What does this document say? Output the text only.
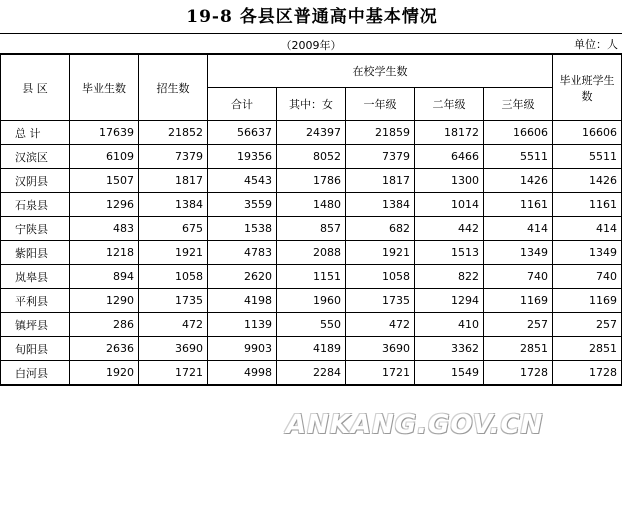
19-8 各县区普通高中基本情况
（2009年）	单位：人
县 区	毕业生数	招生数	在校学生数					毕业班学生数
			合计	其中：女	一年级	二年级	三年级	
总 计	17639	21852	56637	24397	21859	18172	16606	16606
汉滨区	6109	7379	19356	8052	7379	6466	5511	5511
汉阴县	1507	1817	4543	1786	1817	1300	1426	1426
石泉县	1296	1384	3559	1480	1384	1014	1161	1161
宁陕县	483	675	1538	857	682	442	414	414
紫阳县	1218	1921	4783	2088	1921	1513	1349	1349
岚皋县	894	1058	2620	1151	1058	822	740	740
平利县	1290	1735	4198	1960	1735	1294	1169	1169
镇坪县	286	472	1139	550	472	410	257	257
旬阳县	2636	3690	9903	4189	3690	3362	2851	2851
白河县	1920	1721	4998	2284	1721	1549	1728	1728
ANKANG.GOV.CN
